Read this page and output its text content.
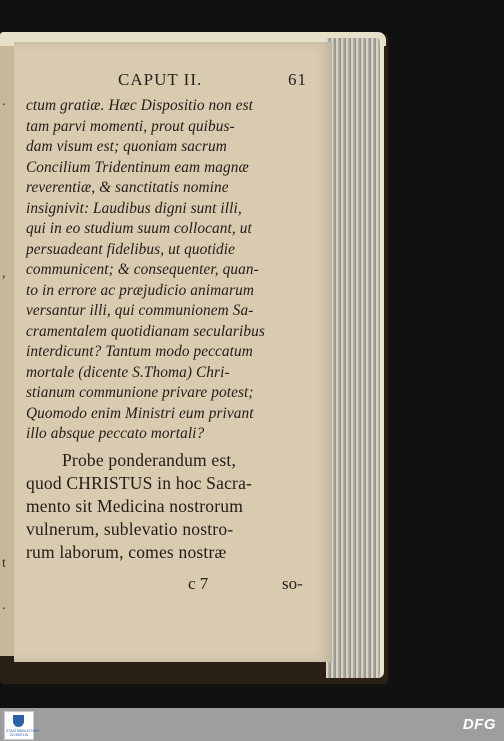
.
,
t
.
CAPUT II.	61
ctum gratiæ. Hæc Dispositio non est
tam parvi momenti, prout quibus-
dam visum est; quoniam sacrum
Concilium Tridentinum eam magnæ
reverentiæ, & sanctitatis nomine
insignivit: Laudibus digni sunt illi,
qui in eo studium suum collocant, ut
persuadeant fidelibus, ut quotidie
communicent; & consequenter, quan-
to in errore ac præjudicio animarum
versantur illi, qui communionem Sa-
cramentalem quotidianam secularibus
interdicunt? Tantum modo peccatum
mortale (dicente S.Thoma) Chri-
stianum communione privare potest;
Quomodo enim Ministri eum privant
illo absque peccato mortali?
Probe ponderandum est,
quod CHRISTUS in hoc Sacra-
mento sit Medicina nostrorum
vulnerum, sublevatio nostro-
rum laborum, comes nostræ
c 7	so-
STAATSBIBLIOTHEK ZU BERLIN
DFG
